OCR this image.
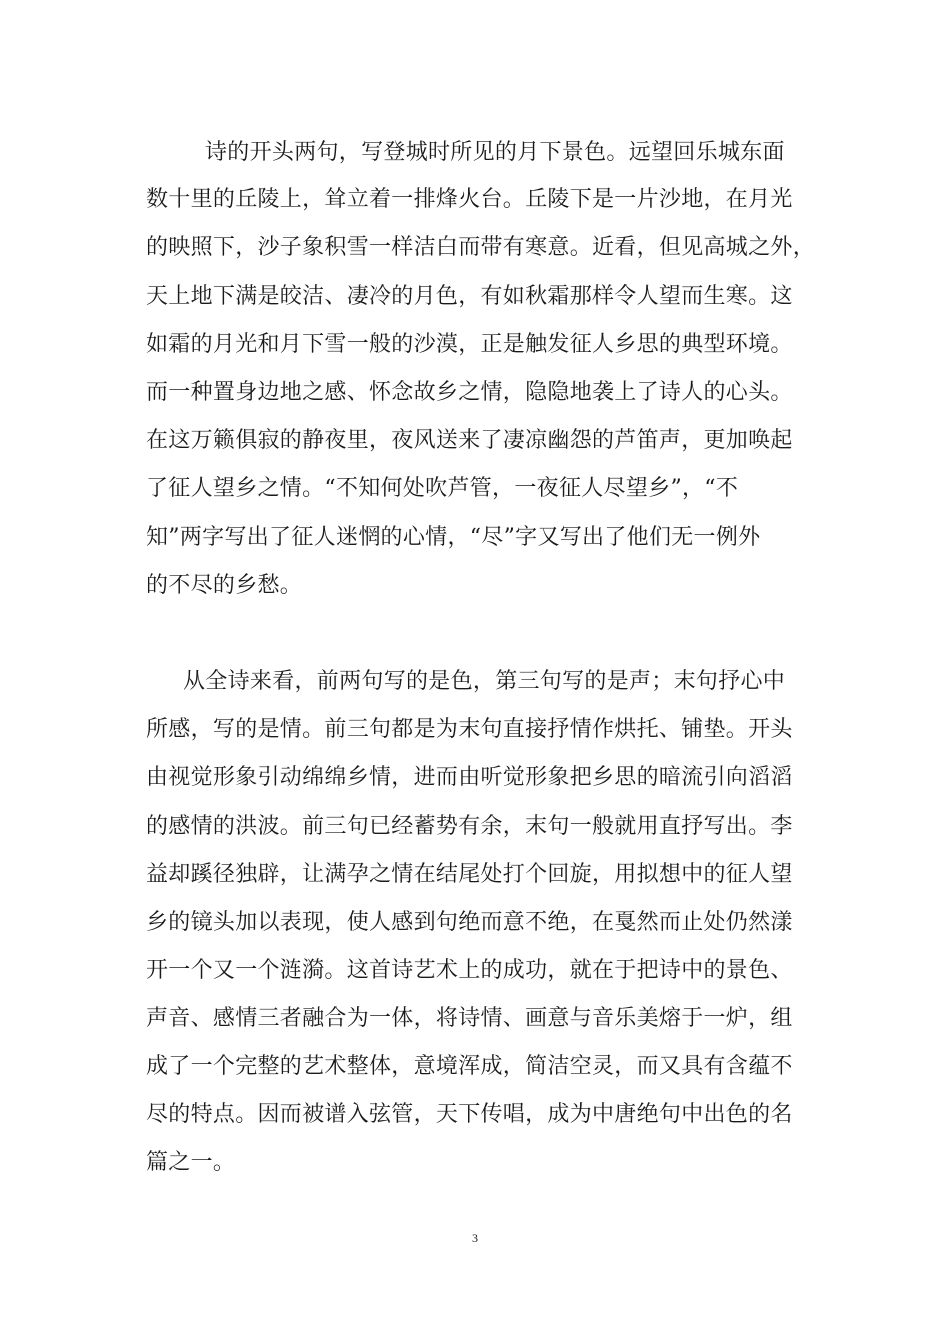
诗的开头两句，写登城时所见的月下景色。远望回乐城东面
数十里的丘陵上，耸立着一排烽火台。丘陵下是一片沙地，在月光
的映照下，沙子象积雪一样洁白而带有寒意。近看，但见高城之外，
天上地下满是皎洁、凄冷的月色，有如秋霜那样令人望而生寒。这
如霜的月光和月下雪一般的沙漠，正是触发征人乡思的典型环境。
而一种置身边地之感、怀念故乡之情，隐隐地袭上了诗人的心头。
在这万籁俱寂的静夜里，夜风送来了凄凉幽怨的芦笛声，更加唤起
了征人望乡之情。“不知何处吹芦管，一夜征人尽望乡”，“不
知”两字写出了征人迷惘的心情，“尽”字又写出了他们无一例外
的不尽的乡愁。
从全诗来看，前两句写的是色，第三句写的是声；末句抒心中
所感，写的是情。前三句都是为末句直接抒情作烘托、铺垫。开头
由视觉形象引动绵绵乡情，进而由听觉形象把乡思的暗流引向滔滔
的感情的洪波。前三句已经蓄势有余，末句一般就用直抒写出。李
益却蹊径独辟，让满孕之情在结尾处打个回旋，用拟想中的征人望
乡的镜头加以表现，使人感到句绝而意不绝，在戛然而止处仍然漾
开一个又一个涟漪。这首诗艺术上的成功，就在于把诗中的景色、
声音、感情三者融合为一体，将诗情、画意与音乐美熔于一炉，组
成了一个完整的艺术整体，意境浑成，简洁空灵，而又具有含蕴不
尽的特点。因而被谱入弦管，天下传唱，成为中唐绝句中出色的名
篇之一。
3
